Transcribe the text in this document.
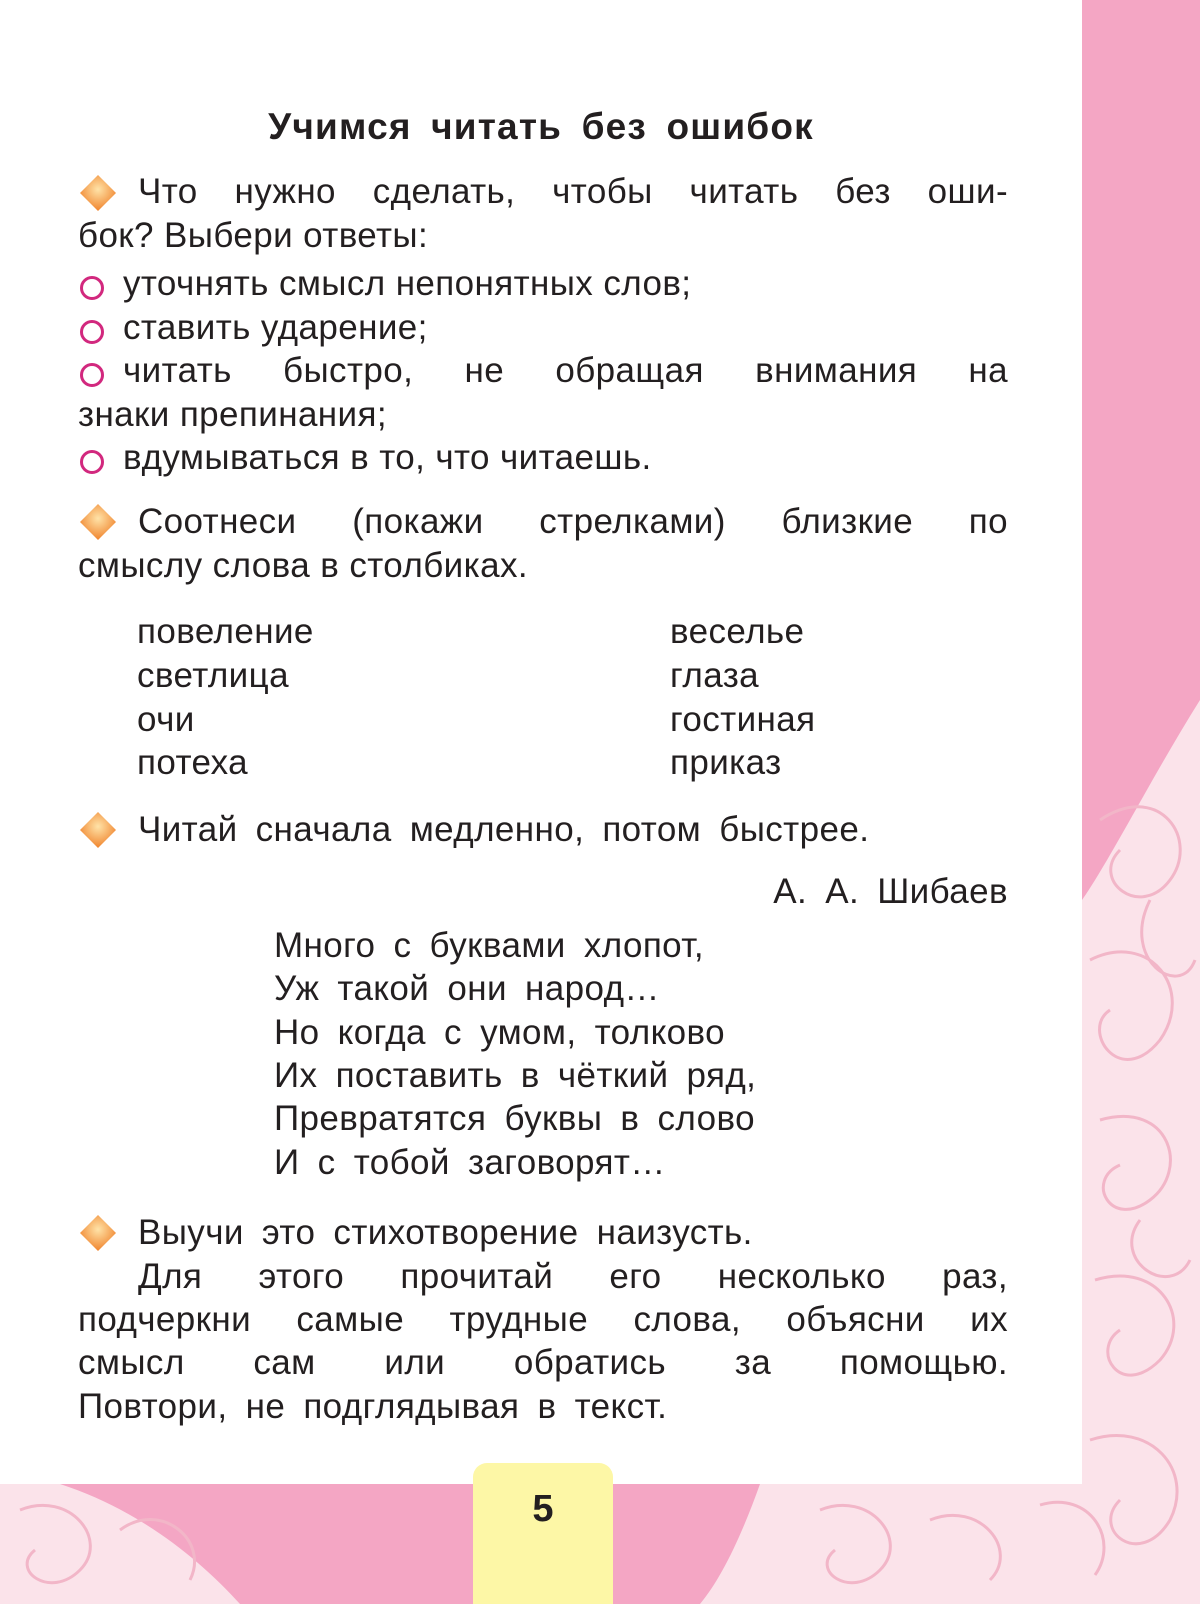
Учимся читать без ошибок
Что нужно сделать, чтобы читать без оши-
бок? Выбери ответы:
уточнять смысл непонятных слов;
ставить ударение;
читать быстро, не обращая внимания на
знаки препинания;
вдумываться в то, что читаешь.
Соотнеси (покажи стрелками) близкие по
смыслу слова в столбиках.
повеление
светлица
очи
потеха
веселье
глаза
гостиная
приказ
Читай сначала медленно, потом быстрее.
А. А. Шибаев
Много с буквами хлопот,
Уж такой они народ…
Но когда с умом, толково
Их поставить в чёткий ряд,
Превратятся буквы в слово
И с тобой заговорят…
Выучи это стихотворение наизусть.
Для этого прочитай его несколько раз,
подчеркни самые трудные слова, объясни их
смысл сам или обратись за помощью.
Повтори, не подглядывая в текст.
5
